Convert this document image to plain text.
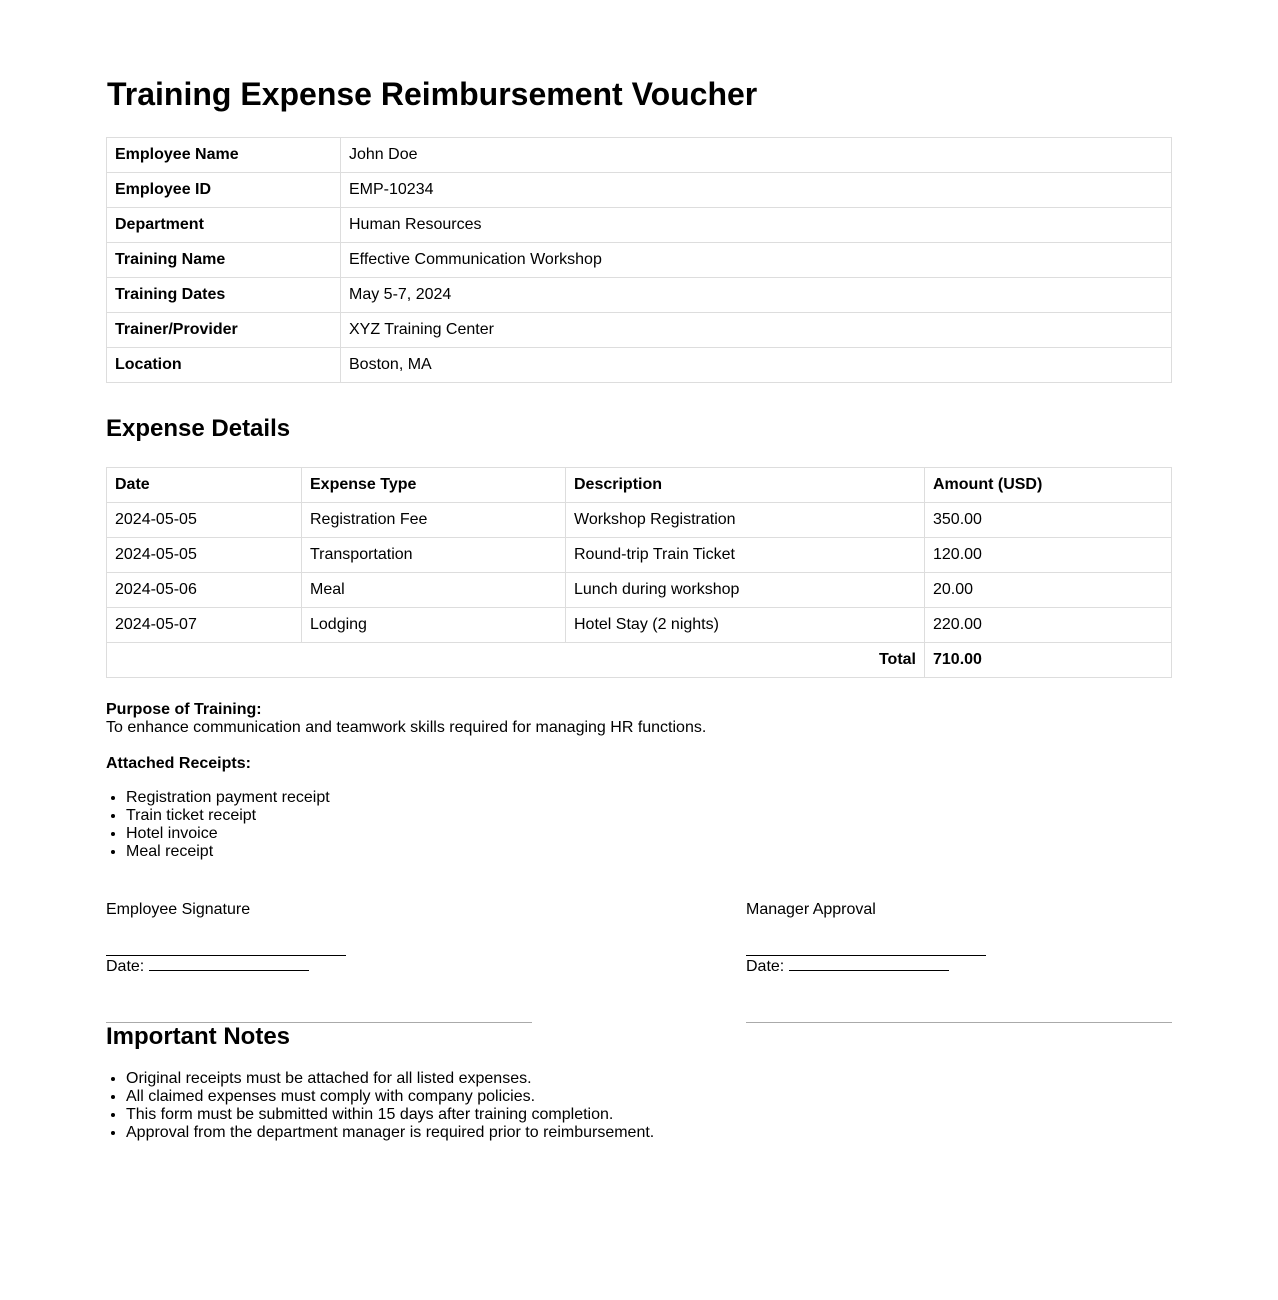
Training Expense Reimbursement Voucher
Employee Name	John Doe
Employee ID	EMP-10234
Department	Human Resources
Training Name	Effective Communication Workshop
Training Dates	May 5-7, 2024
Trainer/Provider	XYZ Training Center
Location	Boston, MA
Expense Details
Date	Expense Type	Description	Amount (USD)
2024-05-05	Registration Fee	Workshop Registration	350.00
2024-05-05	Transportation	Round-trip Train Ticket	120.00
2024-05-06	Meal	Lunch during workshop	20.00
2024-05-07	Lodging	Hotel Stay (2 nights)	220.00
Total			710.00
Purpose of Training:
To enhance communication and teamwork skills required for managing HR functions.
Attached Receipts:
• Registration payment receipt
• Train ticket receipt
• Hotel invoice
• Meal receipt
Employee Signature
Date:
Manager Approval
Date:
Important Notes
• Original receipts must be attached for all listed expenses.
• All claimed expenses must comply with company policies.
• This form must be submitted within 15 days after training completion.
• Approval from the department manager is required prior to reimbursement.
